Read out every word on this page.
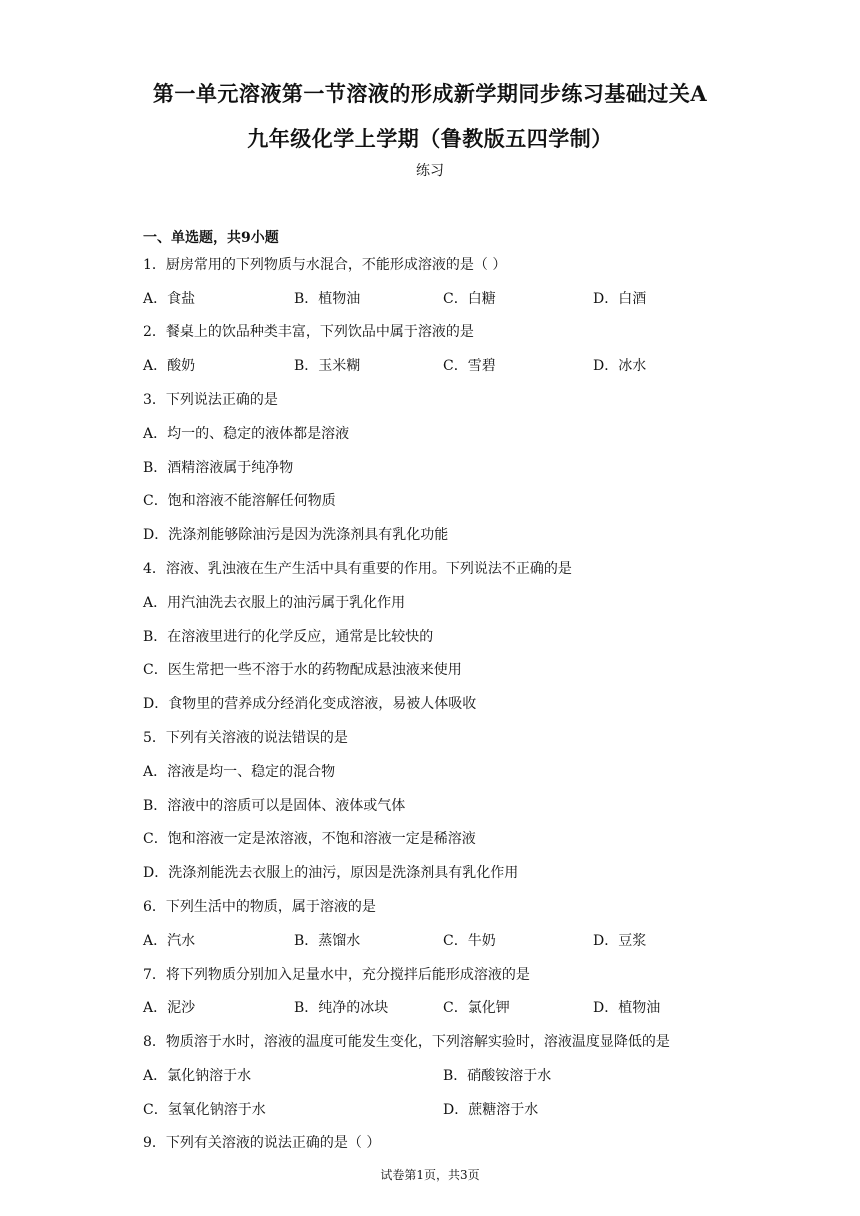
第一单元溶液第一节溶液的形成新学期同步练习基础过关A
九年级化学上学期（鲁教版五四学制）
练习
一、单选题，共9小题
1．厨房常用的下列物质与水混合，不能形成溶液的是（ ）
A．食盐	B．植物油	C．白糖	D．白酒
2．餐桌上的饮品种类丰富，下列饮品中属于溶液的是
A．酸奶	B．玉米糊	C．雪碧	D．冰水
3．下列说法正确的是
A．均一的、稳定的液体都是溶液
B．酒精溶液属于纯净物
C．饱和溶液不能溶解任何物质
D．洗涤剂能够除油污是因为洗涤剂具有乳化功能
4．溶液、乳浊液在生产生活中具有重要的作用。下列说法不正确的是
A．用汽油洗去衣服上的油污属于乳化作用
B．在溶液里进行的化学反应，通常是比较快的
C．医生常把一些不溶于水的药物配成悬浊液来使用
D．食物里的营养成分经消化变成溶液，易被人体吸收
5．下列有关溶液的说法错误的是
A．溶液是均一、稳定的混合物
B．溶液中的溶质可以是固体、液体或气体
C．饱和溶液一定是浓溶液，不饱和溶液一定是稀溶液
D．洗涤剂能洗去衣服上的油污，原因是洗涤剂具有乳化作用
6．下列生活中的物质，属于溶液的是
A．汽水	B．蒸馏水	C．牛奶	D．豆浆
7．将下列物质分别加入足量水中，充分搅拌后能形成溶液的是
A．泥沙	B．纯净的冰块	C．氯化钾	D．植物油
8．物质溶于水时，溶液的温度可能发生变化，下列溶解实验时，溶液温度显降低的是
A．氯化钠溶于水	B．硝酸铵溶于水
C．氢氧化钠溶于水	D．蔗糖溶于水
9．下列有关溶液的说法正确的是（ ）
试卷第1页，共3页
